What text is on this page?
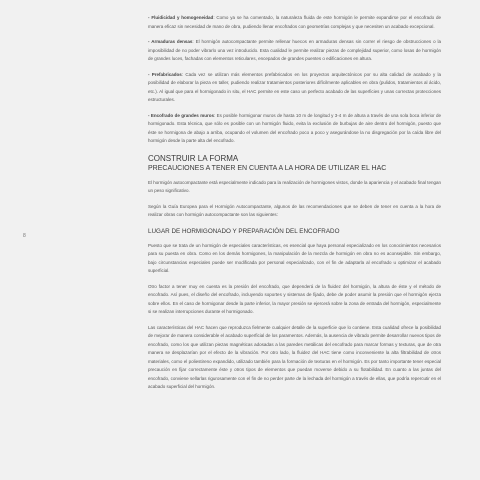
8

- Fluidicidad y homogeneidad: Como ya se ha comentado, la naturaleza fluida de este hormigón le permite expandirse por el encofrado de manera eficaz sin necesidad de mano de obra, pudiendo llenar encofrados con geometrías complejas y que necesiten un acabado excepcional.

- Armaduras densas: El hormigón autocompactante permite rellenar huecos en armaduras densas sin correr el riesgo de obstrucciones o la imposibilidad de no poder vibrarlo una vez introducido. Esta cualidad le permite realizar piezas de complejidad superior, como losas de hormigón de grandes luces, fachadas con elementos reticulares, encepados de grandes puentes o edificaciones en altura.

- Prefabricados: Cada vez se utilizan más elementos prefabricados en los proyectos arquitectónicos por su alta calidad de acabado y la posibilidad de elaborar la pieza en taller, pudiendo realizar tratamientos posteriores difícilmente aplicables en obra (pulidos, tratamientos al ácido, etc.). Al igual que para el hormigonado in situ, el HAC permite en este caso un perfecto acabado de las superficies y unas correctas protecciones estructurales.

- Encofrado de grandes muros: Es posible hormigonar muros de hasta 10 m de longitud y 3-4 m de altura a través de una sola boca inferior de hormigonado. Esta técnica, que sólo es posible con un hormigón fluido, evita la exclusión de burbujas de aire dentro del hormigón, puesto que éste se hormigona de abajo a arriba, ocupando el volumen del encofrado poco a poco y asegurándose la no disgregación por la caída libre del hormigón desde la parte alta del encofrado.

CONSTRUIR LA FORMA
PRECAUCIONES A TENER EN CUENTA A LA HORA DE UTILIZAR EL HAC

El hormigón autocompactante está especialmente indicado para la realización de hormigones vistos, donde la apariencia y el acabado final tengan un peso significativo.

Según la Guía Europea para el Hormigón Autocompactante, algunos de las recomendaciones que se deben de tener en cuenta a la hora de realizar obras con hormigón autocompactante son las siguientes:

LUGAR DE HORMIGONADO Y PREPARACIÓN DEL ENCOFRADO

Puesto que se trata de un hormigón de especiales características, es esencial que haya personal especializado en los conocimientos necesarios para su puesta en obra. Como en los demás hormigones, la manipulación de la mezcla de hormigón en obra no es aconsejable. Sin embargo, bajo circunstancias especiales puede ser modificada por personal especializado, con el fin de adaptarla al encofrado u optimizar el acabado superficial.

Otro factor a tener muy en cuenta es la presión del encofrado, que dependerá de la fluidez del hormigón, la altura de éste y el método de encofrado. Así pues, el diseño del encofrado, incluyendo soportes y sistemas de fijado, debe de poder asumir la presión que el hormigón ejerza sobre ellos. En el caso de hormigonar desde la parte inferior, la mayor presión se ejercerá sobre la zona de entrada del hormigón, especialmente si se realizan interrupciones durante el hormigonado.

Las características del HAC hacen que reproduzca fielmente cualquier detalle de la superficie que lo contiene. Esta cualidad ofrece la posibilidad de mejorar de manera considerable el acabado superficial de los paramentos. Además, la ausencia de vibrado permite desarrollar nuevos tipos de encofrado, como los que utilizan piezas magnéticas adosadas a las paredes metálicas del encofrado para marcar formas y texturas, que de otra manera se desplazarían por el efecto de la vibración. Por otro lado, la fluidez del HAC tiene como inconveniente la alta filtrabilidad de otros materiales, como el poliestireno expandido, utilizado también para la formación de texturas en el hormigón. Es por tanto importante tener especial precaución en fijar correctamente éste y otros tipos de elementos que puedan moverse debido a su flotabilidad. En cuanto a las juntas del encofrado, conviene sellarlas rigurosamente con el fin de no perder parte de la lechada del hormigón a través de ellas, que podría repercutir en el acabado superficial del hormigón.
